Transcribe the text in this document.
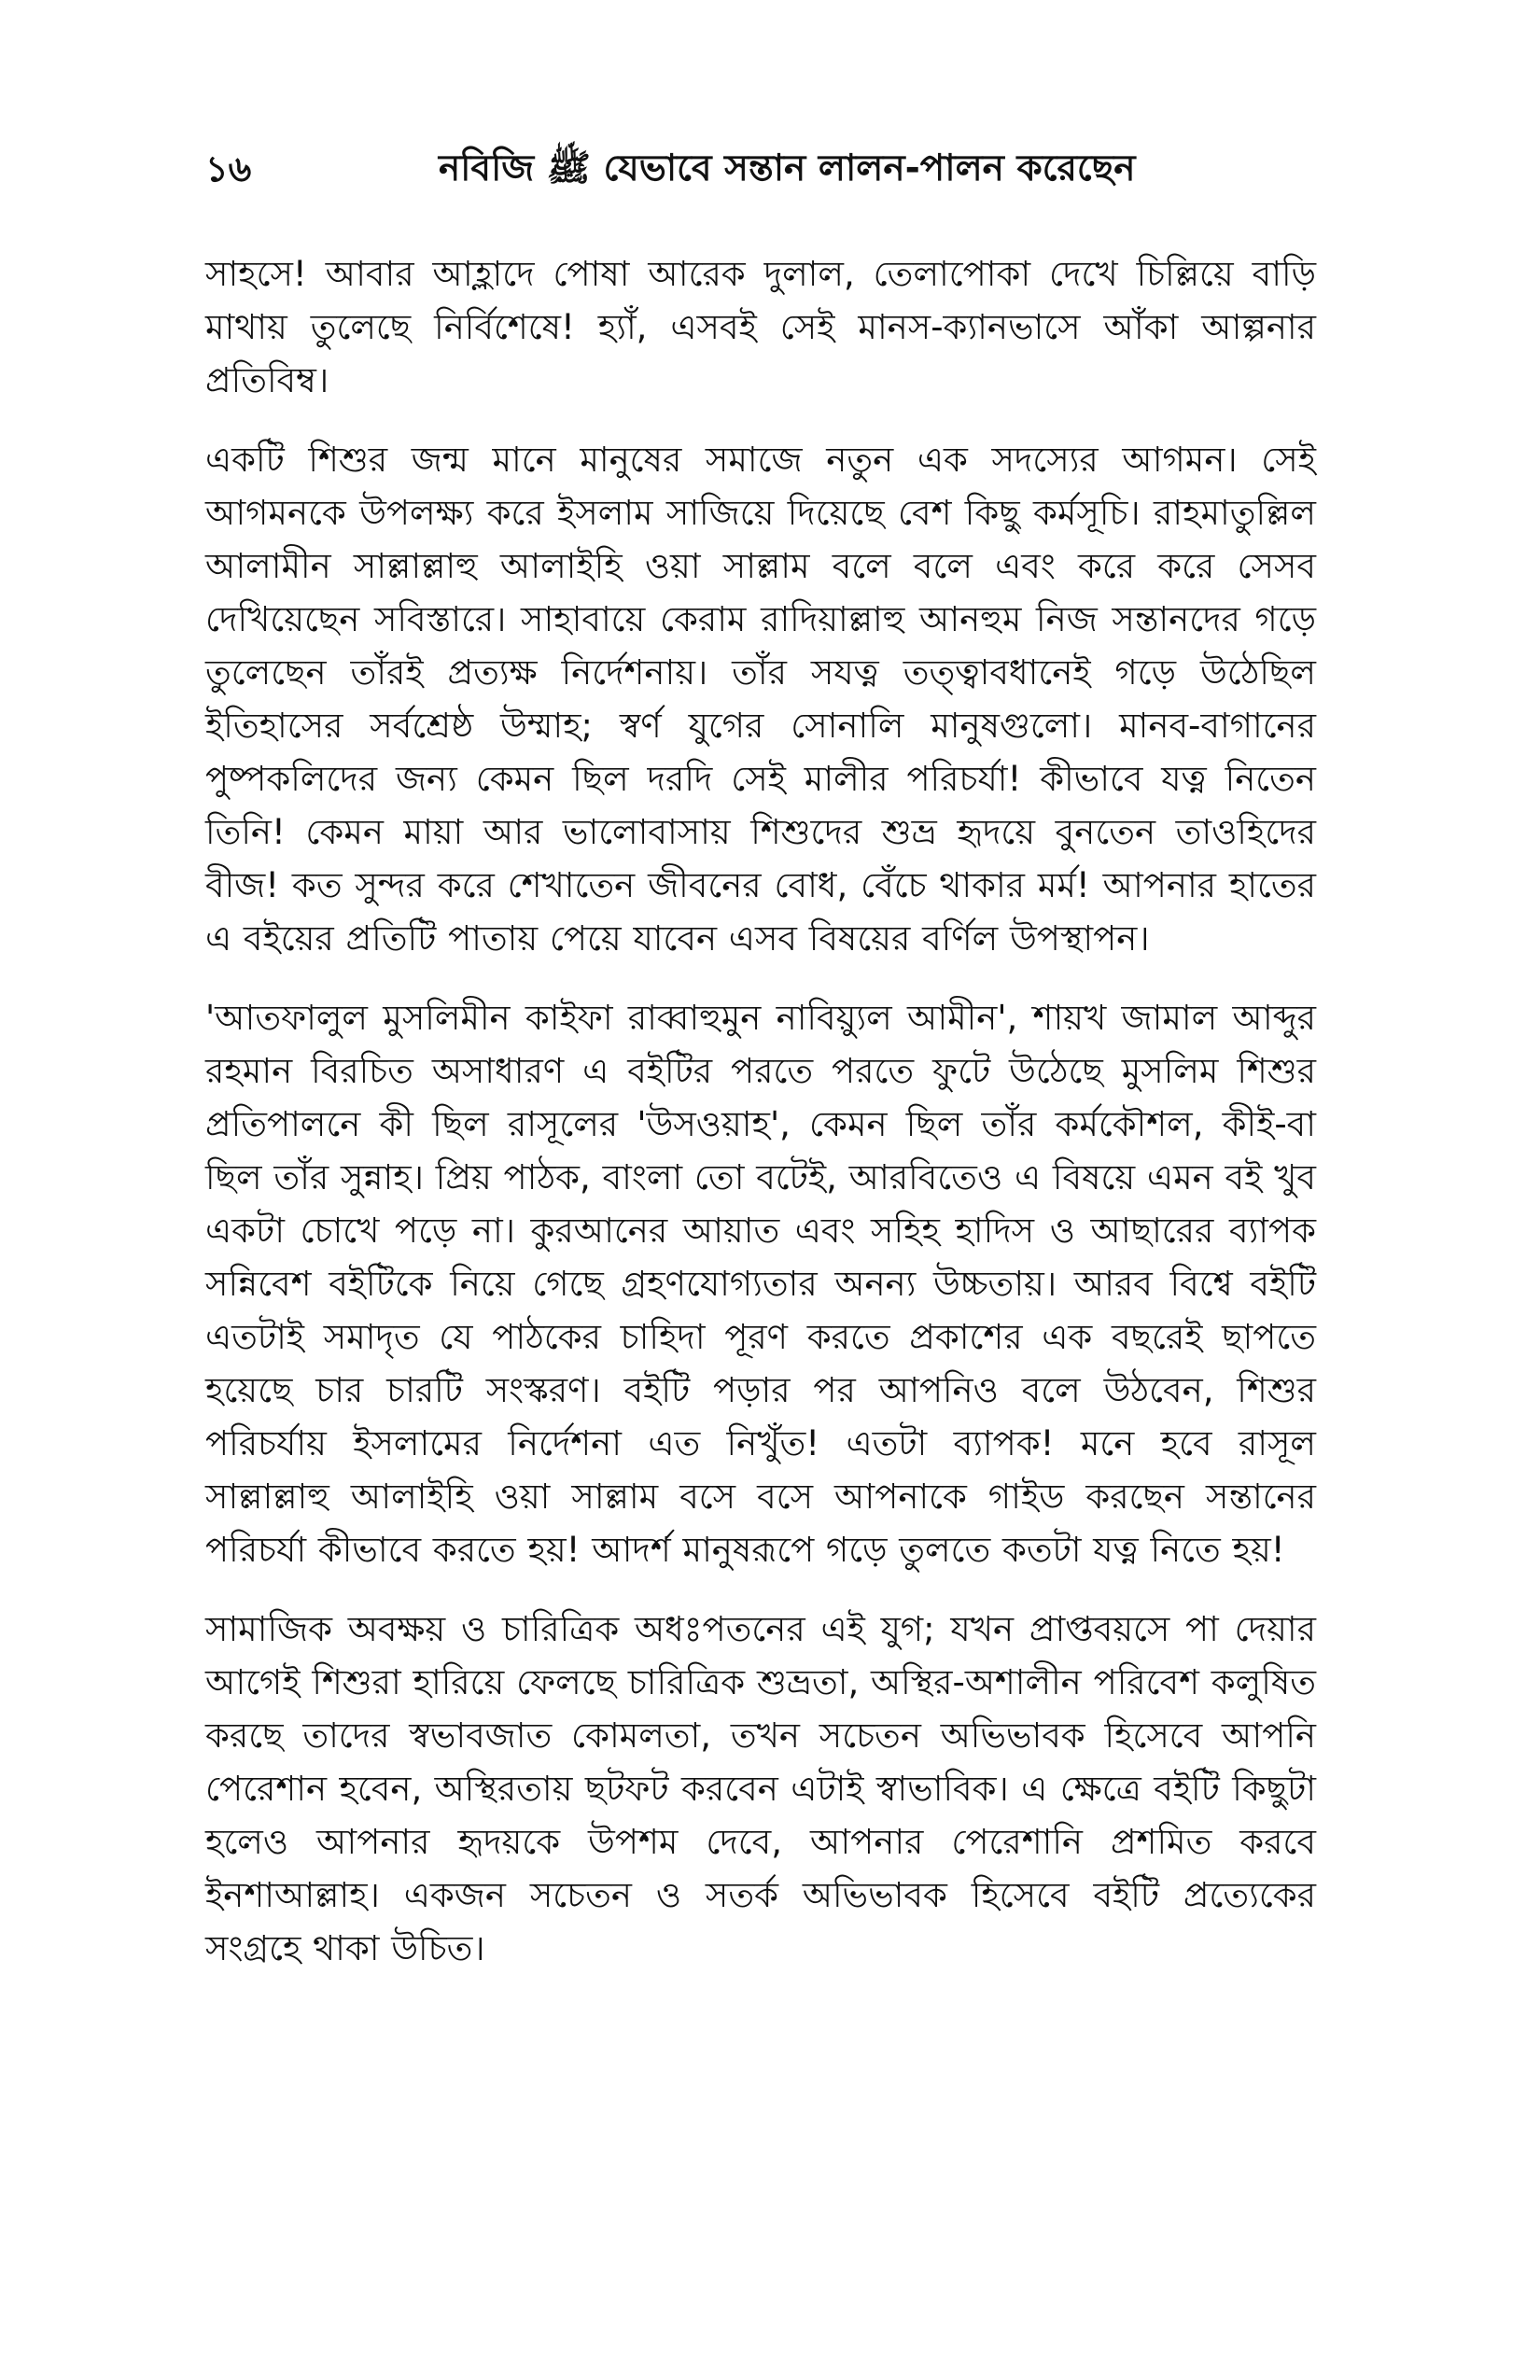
১৬	নবিজি ﷺ যেভাবে সন্তান লালন-পালন করেছেন

সাহসে! আবার আহ্লাদে পোষা আরেক দুলাল, তেলাপোকা দেখে চিল্লিয়ে বাড়ি মাথায় তুলেছে নির্বিশেষে! হ্যাঁ, এসবই সেই মানস-ক্যানভাসে আঁকা আল্পনার প্রতিবিম্ব।

একটি শিশুর জন্ম মানে মানুষের সমাজে নতুন এক সদস্যের আগমন। সেই আগমনকে উপলক্ষ্য করে ইসলাম সাজিয়ে দিয়েছে বেশ কিছু কর্মসূচি। রাহমাতুল্লিল আলামীন সাল্লাল্লাহু আলাইহি ওয়া সাল্লাম বলে বলে এবং করে করে সেসব দেখিয়েছেন সবিস্তারে। সাহাবায়ে কেরাম রাদিয়াল্লাহু আনহুম নিজ সন্তানদের গড়ে তুলেছেন তাঁরই প্রত্যক্ষ নির্দেশনায়। তাঁর সযত্ন তত্ত্বাবধানেই গড়ে উঠেছিল ইতিহাসের সর্বশ্রেষ্ঠ উম্মাহ; স্বর্ণ যুগের সোনালি মানুষগুলো। মানব-বাগানের পুষ্পকলিদের জন্য কেমন ছিল দরদি সেই মালীর পরিচর্যা! কীভাবে যত্ন নিতেন তিনি! কেমন মায়া আর ভালোবাসায় শিশুদের শুভ্র হৃদয়ে বুনতেন তাওহিদের বীজ! কত সুন্দর করে শেখাতেন জীবনের বোধ, বেঁচে থাকার মর্ম! আপনার হাতের এ বইয়ের প্রতিটি পাতায় পেয়ে যাবেন এসব বিষয়ের বর্ণিল উপস্থাপন।

'আতফালুল মুসলিমীন কাইফা রাব্বাহুমুন নাবিয়্যুল আমীন', শায়খ জামাল আব্দুর রহমান বিরচিত অসাধারণ এ বইটির পরতে পরতে ফুটে উঠেছে মুসলিম শিশুর প্রতিপালনে কী ছিল রাসূলের 'উসওয়াহ', কেমন ছিল তাঁর কর্মকৌশল, কীই-বা ছিল তাঁর সুন্নাহ। প্রিয় পাঠক, বাংলা তো বটেই, আরবিতেও এ বিষয়ে এমন বই খুব একটা চোখে পড়ে না। কুরআনের আয়াত এবং সহিহ হাদিস ও আছারের ব্যাপক সন্নিবেশ বইটিকে নিয়ে গেছে গ্রহণযোগ্যতার অনন্য উচ্চতায়। আরব বিশ্বে বইটি এতটাই সমাদৃত যে পাঠকের চাহিদা পূরণ করতে প্রকাশের এক বছরেই ছাপতে হয়েছে চার চারটি সংস্করণ। বইটি পড়ার পর আপনিও বলে উঠবেন, শিশুর পরিচর্যায় ইসলামের নির্দেশনা এত নিখুঁত! এতটা ব্যাপক! মনে হবে রাসূল সাল্লাল্লাহু আলাইহি ওয়া সাল্লাম বসে বসে আপনাকে গাইড করছেন সন্তানের পরিচর্যা কীভাবে করতে হয়! আদর্শ মানুষরূপে গড়ে তুলতে কতটা যত্ন নিতে হয়!

সামাজিক অবক্ষয় ও চারিত্রিক অধঃপতনের এই যুগ; যখন প্রাপ্তবয়সে পা দেয়ার আগেই শিশুরা হারিয়ে ফেলছে চারিত্রিক শুভ্রতা, অস্থির-অশালীন পরিবেশ কলুষিত করছে তাদের স্বভাবজাত কোমলতা, তখন সচেতন অভিভাবক হিসেবে আপনি পেরেশান হবেন, অস্থিরতায় ছটফট করবেন এটাই স্বাভাবিক। এ ক্ষেত্রে বইটি কিছুটা হলেও আপনার হৃদয়কে উপশম দেবে, আপনার পেরেশানি প্রশমিত করবে ইনশাআল্লাহ। একজন সচেতন ও সতর্ক অভিভাবক হিসেবে বইটি প্রত্যেকের সংগ্রহে থাকা উচিত।
